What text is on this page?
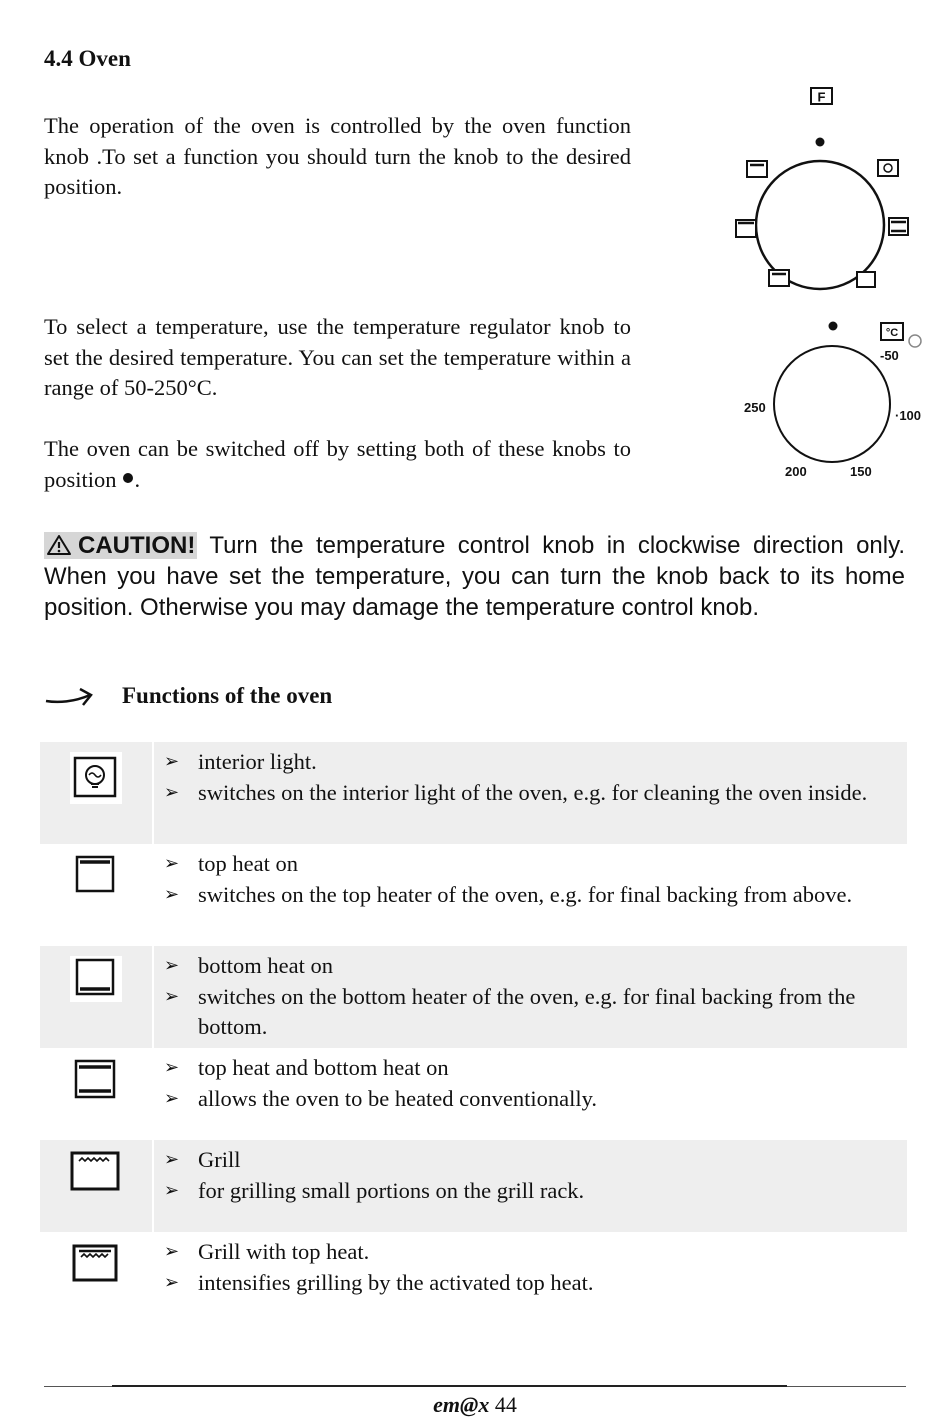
4.4 Oven
The operation of the oven is controlled by the oven function knob .To set a function you should turn the knob to the desired position.
To select a temperature, use the temperature regulator knob to set the desired temperature. You can set the temperature within a range of 50-250°C.
The oven can be switched off by setting both of these knobs to position .
F
°C
-50
·100
150
200
250
CAUTION! Turn the temperature control knob in clockwise direction only. When you have set the temperature, you can turn the knob back to its home position. Otherwise you may damage the temperature control knob.
Functions of the oven
➢ interior light.
➢ switches on the interior light of the oven, e.g. for cleaning the oven inside.
➢ top heat on
➢ switches on the top heater of the oven, e.g. for final backing from above.
➢ bottom heat on
➢ switches on the bottom heater of the oven, e.g. for final backing from the bottom.
➢ top heat and bottom heat on
➢ allows the oven to be heated conventionally.
➢ Grill
➢ for grilling small portions on the grill rack.
➢ Grill with top heat.
➢ intensifies grilling by the activated top heat.
em@x 44
